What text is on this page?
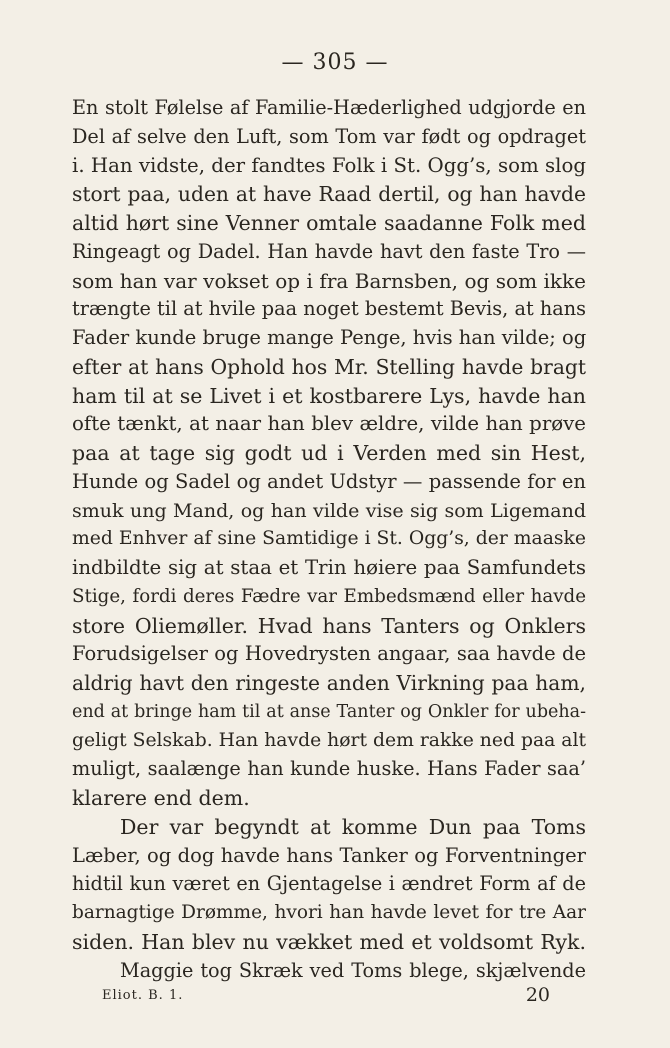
— 305 —
En stolt Følelse af Familie-Hæderlighed udgjorde en
Del af selve den Luft, som Tom var født og opdraget
i. Han vidste, der fandtes Folk i St. Ogg’s, som slog
stort paa, uden at have Raad dertil, og han havde
altid hørt sine Venner omtale saadanne Folk med
Ringeagt og Dadel. Han havde havt den faste Tro —
som han var vokset op i fra Barnsben, og som ikke
trængte til at hvile paa noget bestemt Bevis, at hans
Fader kunde bruge mange Penge, hvis han vilde; og
efter at hans Ophold hos Mr. Stelling havde bragt
ham til at se Livet i et kostbarere Lys, havde han
ofte tænkt, at naar han blev ældre, vilde han prøve
paa at tage sig godt ud i Verden med sin Hest,
Hunde og Sadel og andet Udstyr — passende for en
smuk ung Mand, og han vilde vise sig som Ligemand
med Enhver af sine Samtidige i St. Ogg’s, der maaske
indbildte sig at staa et Trin høiere paa Samfundets
Stige, fordi deres Fædre var Embedsmænd eller havde
store Oliemøller. Hvad hans Tanters og Onklers
Forudsigelser og Hovedrysten angaar, saa havde de
aldrig havt den ringeste anden Virkning paa ham,
end at bringe ham til at anse Tanter og Onkler for ubeha-
geligt Selskab. Han havde hørt dem rakke ned paa alt
muligt, saalænge han kunde huske. Hans Fader saa’
klarere end dem.
Der var begyndt at komme Dun paa Toms
Læber, og dog havde hans Tanker og Forventninger
hidtil kun været en Gjentagelse i ændret Form af de
barnagtige Drømme, hvori han havde levet for tre Aar
siden. Han blev nu vækket med et voldsomt Ryk.
Maggie tog Skræk ved Toms blege, skjælvende
Eliot. B. 1.	20
